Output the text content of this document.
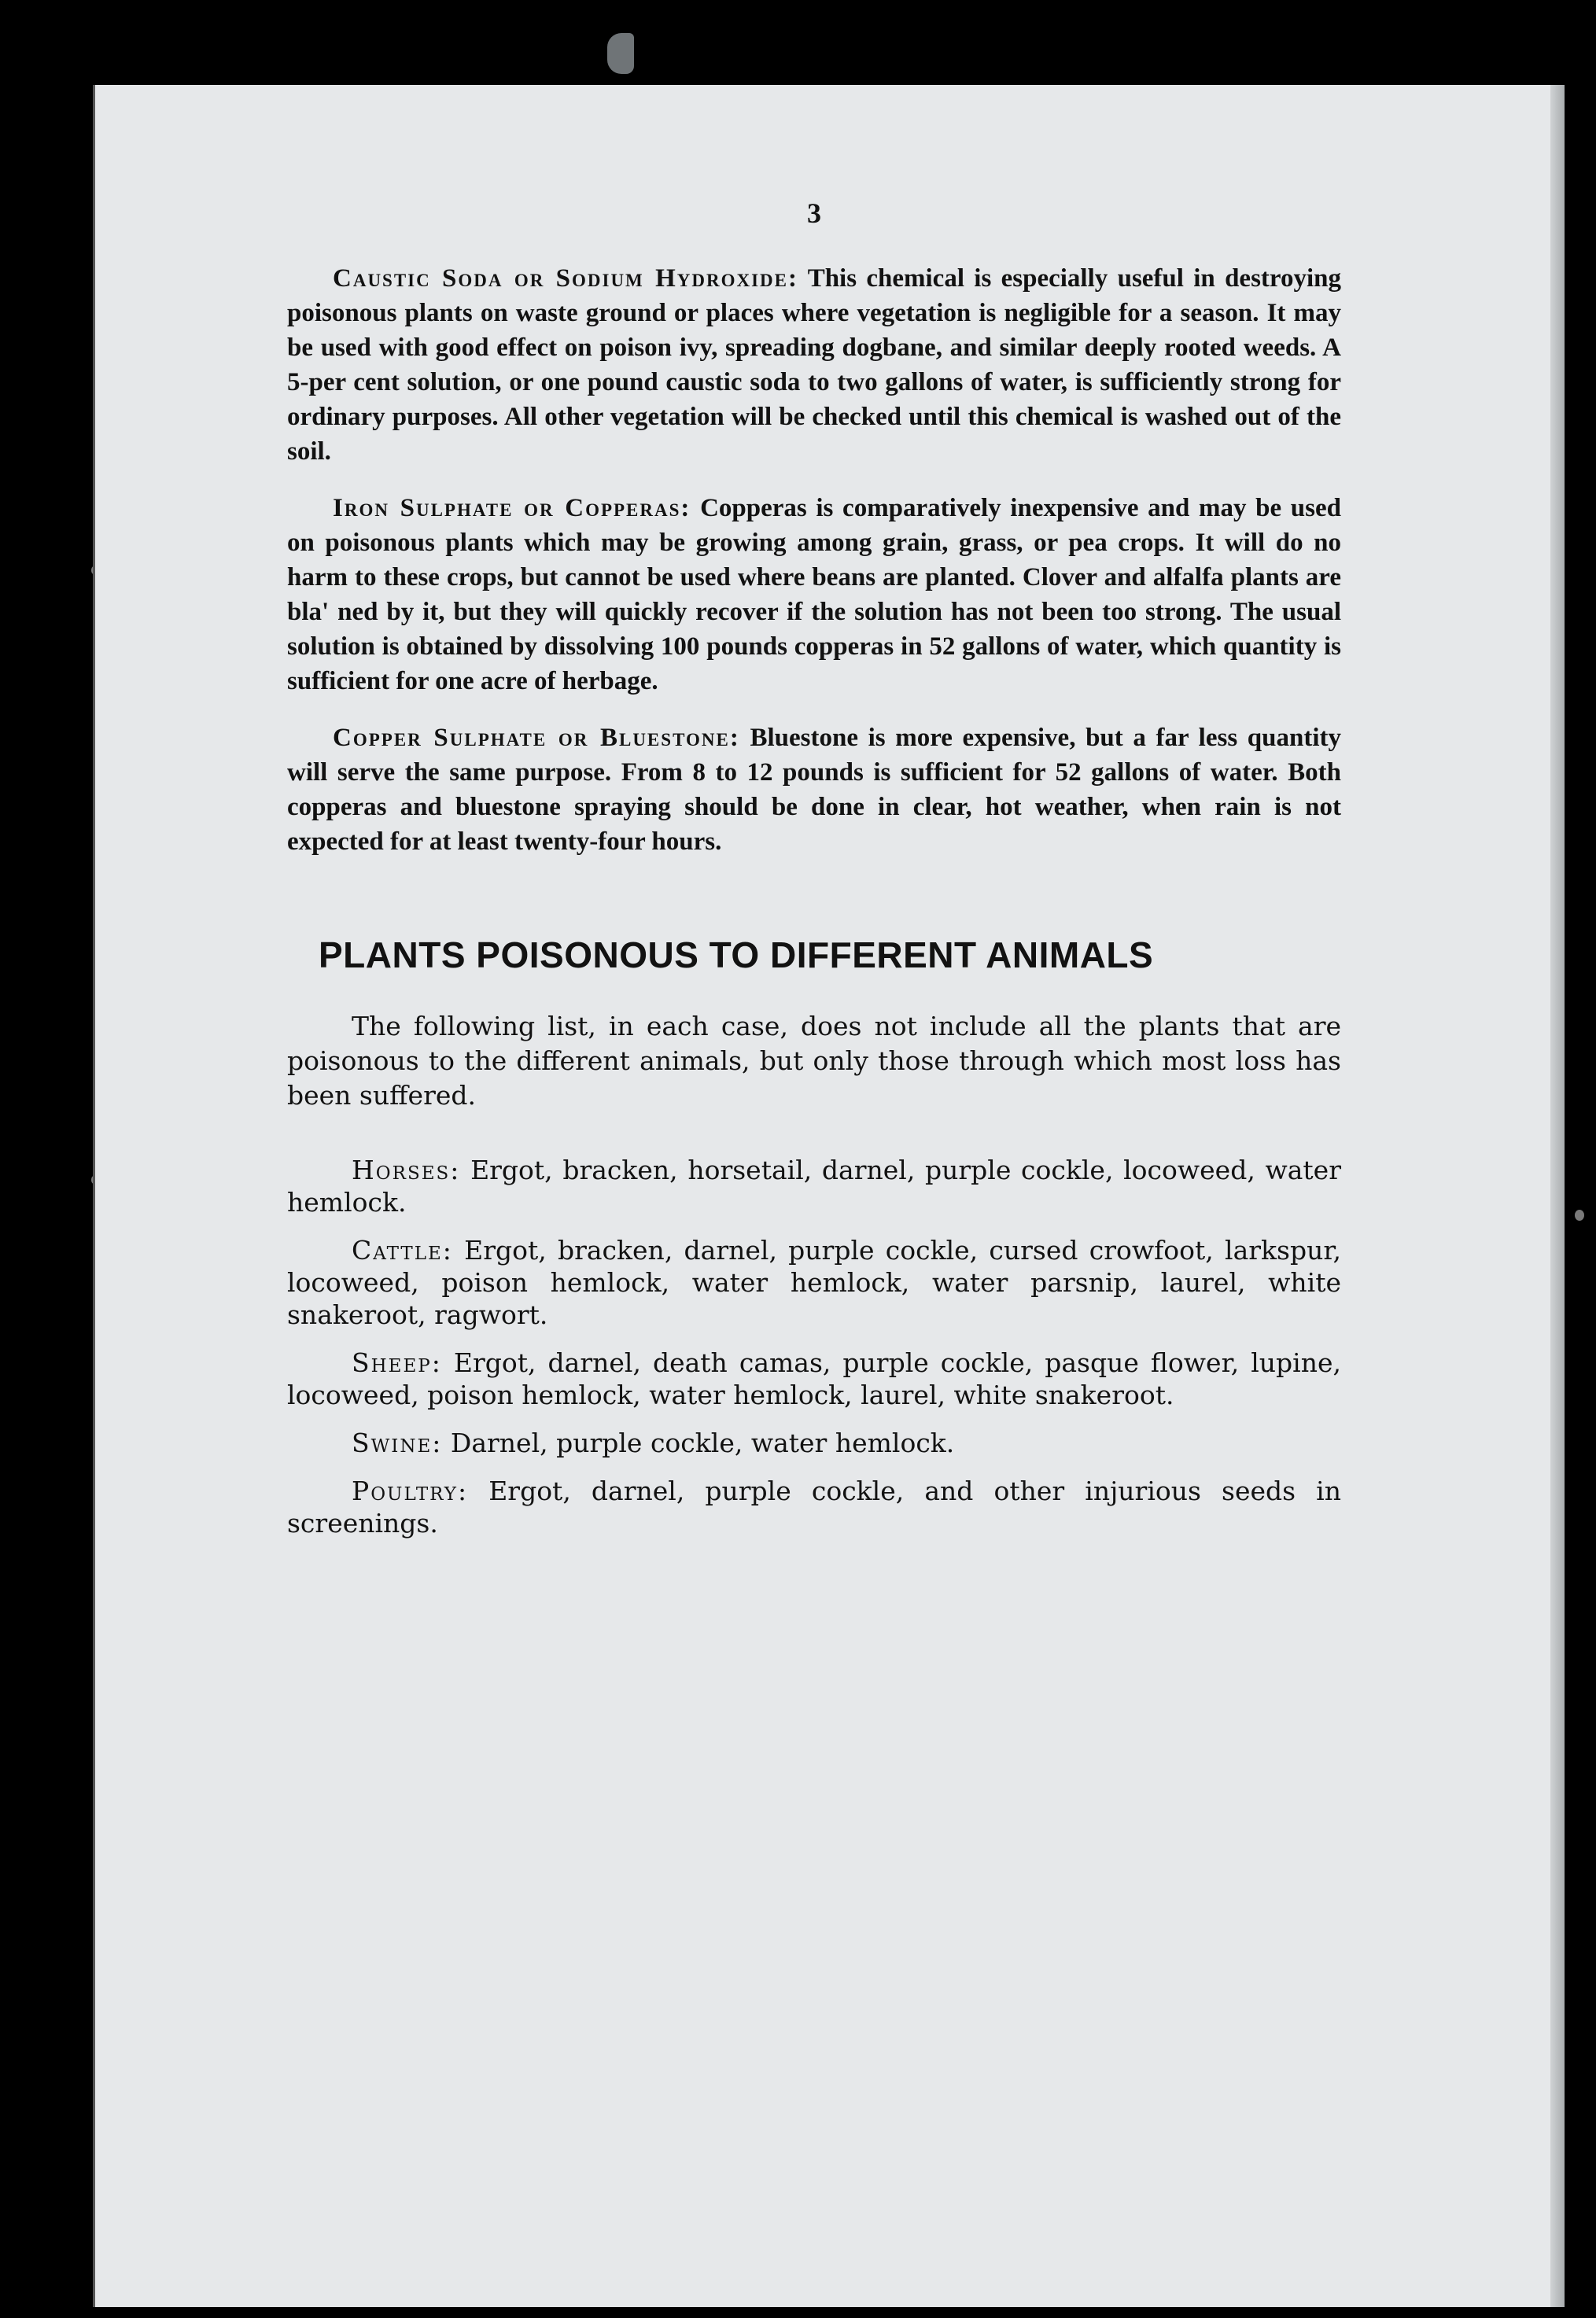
3

Caustic Soda or Sodium Hydroxide: This chemical is especially useful in destroying poisonous plants on waste ground or places where vegetation is negligible for a season. It may be used with good effect on poison ivy, spreading dogbane, and similar deeply rooted weeds. A 5-per cent solution, or one pound caustic soda to two gallons of water, is sufficiently strong for ordinary purposes. All other vegetation will be checked until this chemical is washed out of the soil.

Iron Sulphate or Copperas: Copperas is comparatively inexpensive and may be used on poisonous plants which may be growing among grain, grass, or pea crops. It will do no harm to these crops, but cannot be used where beans are planted. Clover and alfalfa plants are bla' ned by it, but they will quickly recover if the solution has not been too strong. The usual solution is obtained by dissolving 100 pounds copperas in 52 gallons of water, which quantity is sufficient for one acre of herbage.

Copper Sulphate or Bluestone: Bluestone is more expensive, but a far less quantity will serve the same purpose. From 8 to 12 pounds is sufficient for 52 gallons of water. Both copperas and bluestone spraying should be done in clear, hot weather, when rain is not expected for at least twenty-four hours.

PLANTS POISONOUS TO DIFFERENT ANIMALS

The following list, in each case, does not include all the plants that are poisonous to the different animals, but only those through which most loss has been suffered.

Horses: Ergot, bracken, horsetail, darnel, purple cockle, locoweed, water hemlock.

Cattle: Ergot, bracken, darnel, purple cockle, cursed crowfoot, larkspur, locoweed, poison hemlock, water hemlock, water parsnip, laurel, white snakeroot, ragwort.

Sheep: Ergot, darnel, death camas, purple cockle, pasque flower, lupine, locoweed, poison hemlock, water hemlock, laurel, white snakeroot.

Swine: Darnel, purple cockle, water hemlock.

Poultry: Ergot, darnel, purple cockle, and other injurious seeds in screenings.
